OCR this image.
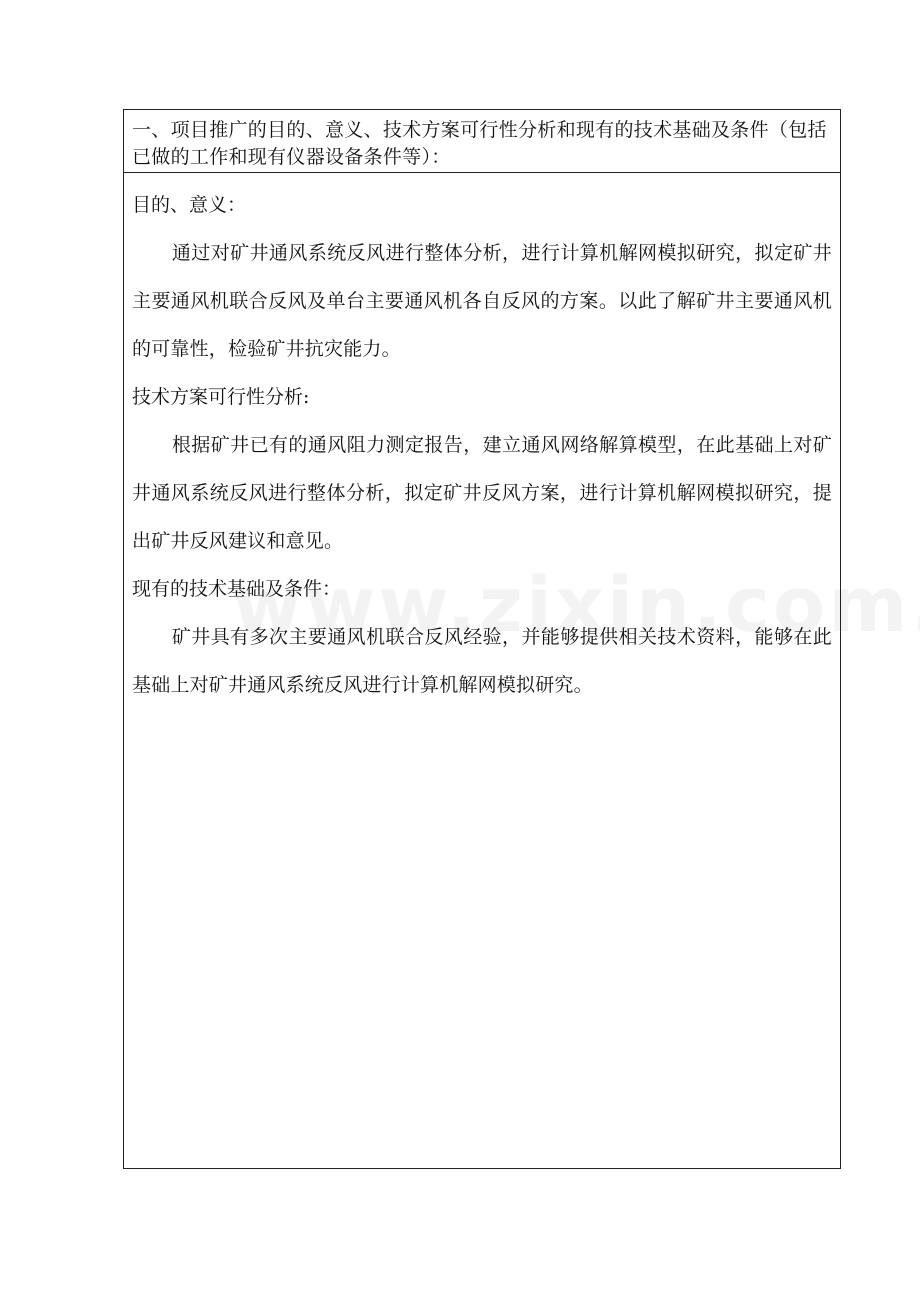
一、项目推广的目的、意义、技术方案可行性分析和现有的技术基础及条件（包括已做的工作和现有仪器设备条件等）：

目的、意义：

通过对矿井通风系统反风进行整体分析，进行计算机解网模拟研究，拟定矿井主要通风机联合反风及单台主要通风机各自反风的方案。以此了解矿井主要通风机的可靠性，检验矿井抗灾能力。

技术方案可行性分析:

根据矿井已有的通风阻力测定报告，建立通风网络解算模型，在此基础上对矿井通风系统反风进行整体分析，拟定矿井反风方案，进行计算机解网模拟研究，提出矿井反风建议和意见。

现有的技术基础及条件：

矿井具有多次主要通风机联合反风经验，并能够提供相关技术资料，能够在此基础上对矿井通风系统反风进行计算机解网模拟研究。
